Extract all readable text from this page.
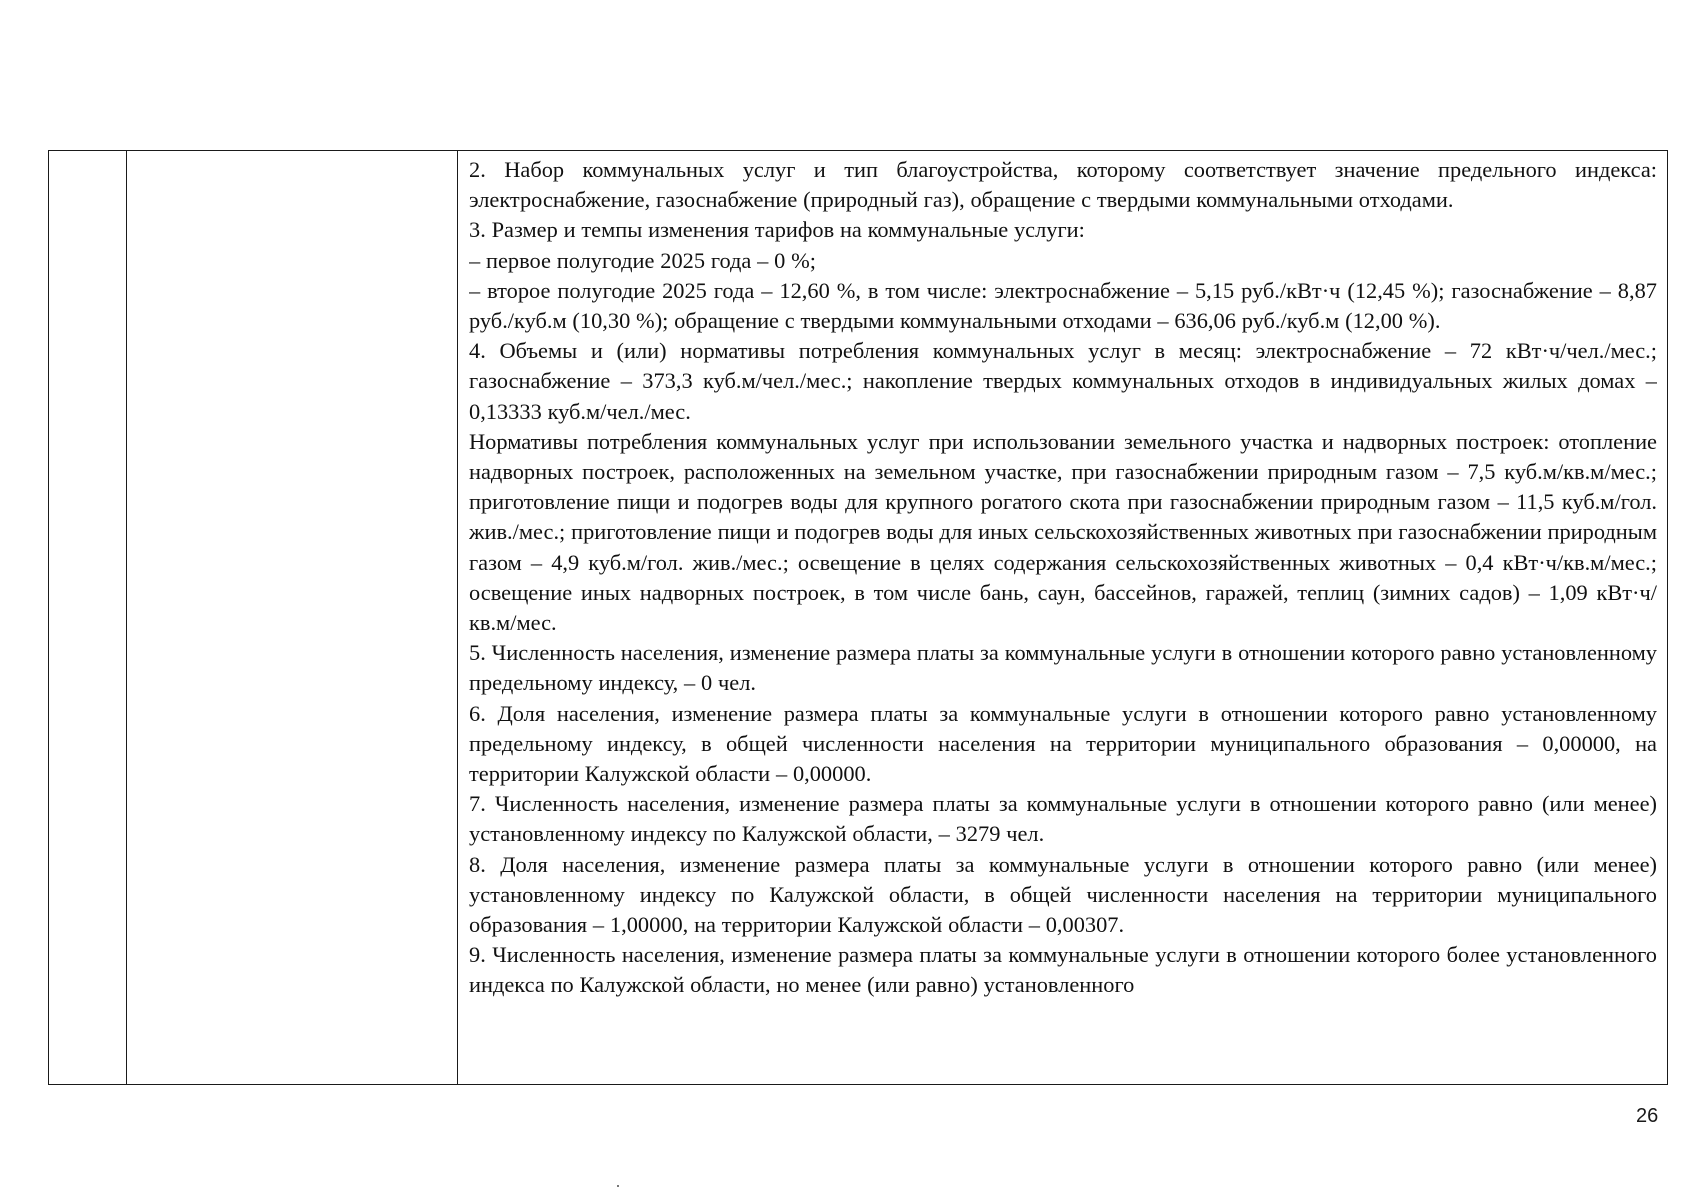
2. Набор коммунальных услуг и тип благоустройства, которому соответствует значение предельного индекса: электроснабжение, газоснабжение (природный газ), обращение с твердыми коммунальными отходами.

3. Размер и темпы изменения тарифов на коммунальные услуги:

– первое полугодие 2025 года – 0 %;

– второе полугодие 2025 года – 12,60 %, в том числе: электроснабжение – 5,15 руб./кВт·ч (12,45 %); газоснабжение – 8,87 руб./куб.м (10,30 %); обращение с твердыми коммунальными отходами – 636,06 руб./куб.м (12,00 %).

4. Объемы и (или) нормативы потребления коммунальных услуг в месяц: электроснабжение – 72 кВт·ч/чел./мес.; газоснабжение – 373,3 куб.м/чел./мес.; накопление твердых коммунальных отходов в индивидуальных жилых домах – 0,13333 куб.м/чел./мес.

Нормативы потребления коммунальных услуг при использовании земельного участка и надворных построек: отопление надворных построек, расположенных на земельном участке, при газоснабжении природным газом – 7,5 куб.м/кв.м/мес.; приготовление пищи и подогрев воды для крупного рогатого скота при газоснабжении природным газом – 11,5 куб.м/гол. жив./мес.; приготовление пищи и подогрев воды для иных сельскохозяйственных животных при газоснабжении природным газом – 4,9 куб.м/гол. жив./мес.; освещение в целях содержания сельскохозяйственных животных – 0,4 кВт·ч/кв.м/мес.; освещение иных надворных построек, в том числе бань, саун, бассейнов, гаражей, теплиц (зимних садов) – 1,09 кВт·ч/кв.м/мес.

5. Численность населения, изменение размера платы за коммунальные услуги в отношении которого равно установленному предельному индексу, – 0 чел.

6. Доля населения, изменение размера платы за коммунальные услуги в отношении которого равно установленному предельному индексу, в общей численности населения на территории муниципального образования – 0,00000, на территории Калужской области – 0,00000.

7. Численность населения, изменение размера платы за коммунальные услуги в отношении которого равно (или менее) установленному индексу по Калужской области, – 3279 чел.

8. Доля населения, изменение размера платы за коммунальные услуги в отношении которого равно (или менее) установленному индексу по Калужской области, в общей численности населения на территории муниципального образования – 1,00000, на территории Калужской области – 0,00307.

9. Численность населения, изменение размера платы за коммунальные услуги в отношении которого более установленного индекса по Калужской области, но менее (или равно) установленного

26
